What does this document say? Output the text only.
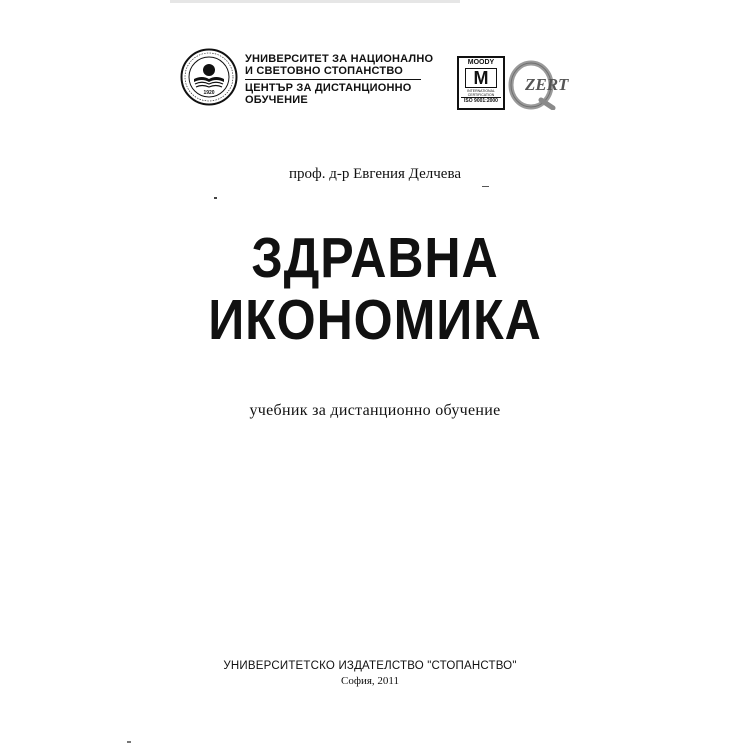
1920
УНИВЕРСИТЕТ ЗА НАЦИОНАЛНО
И СВЕТОВНО СТОПАНСТВО
ЦЕНТЪР ЗА ДИСТАНЦИОННО
ОБУЧЕНИЕ
MOODY
M
INTERNATIONAL CERTIFICATION
ISO 9001:2000
ZERT
проф. д-р Евгения Делчева
ЗДРАВНА
ИКОНОМИКА
учебник за дистанционно обучение
УНИВЕРСИТЕТСКО ИЗДАТЕЛСТВО "СТОПАНСТВО"
София, 2011
